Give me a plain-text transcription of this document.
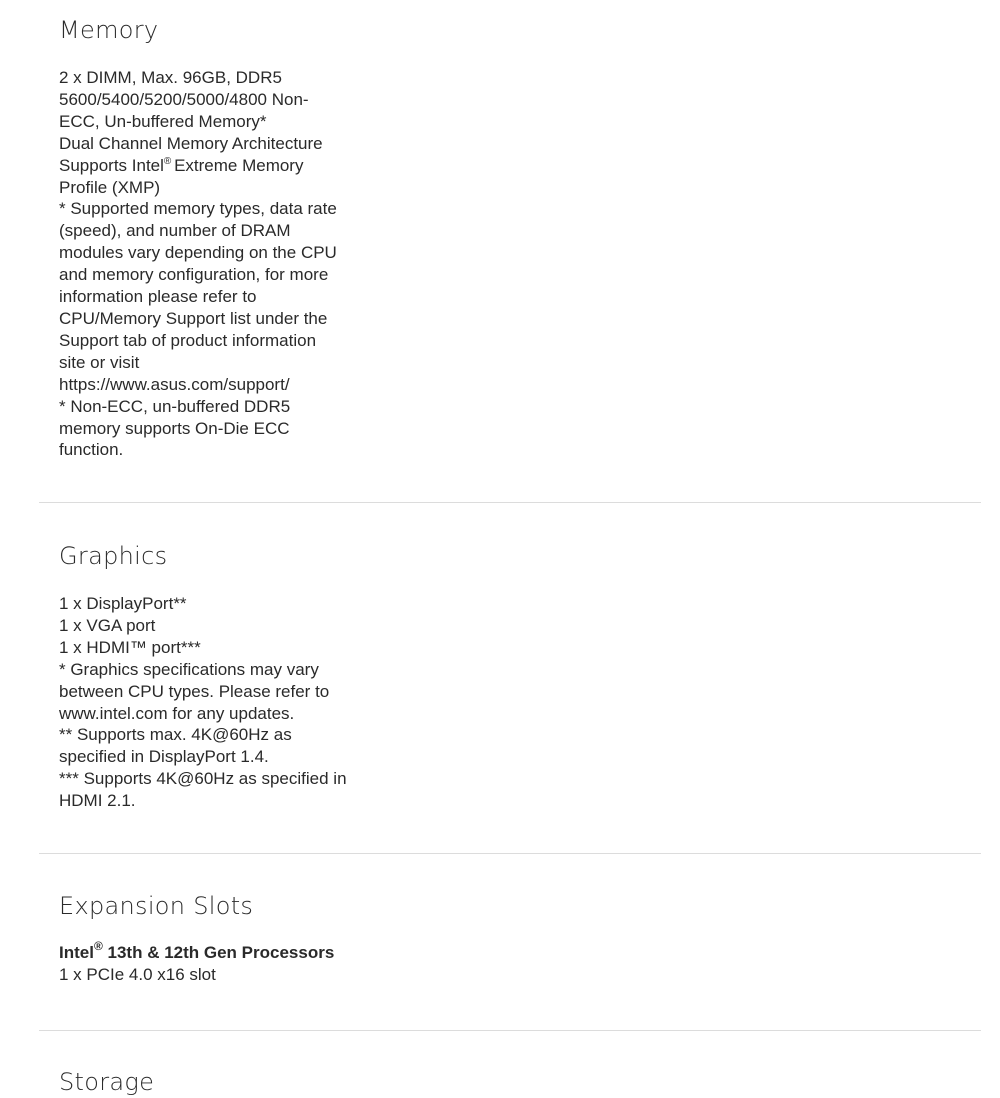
Memory
2 x DIMM, Max. 96GB, DDR5
5600/5400/5200/5000/4800 Non-
ECC, Un-buffered Memory*
Dual Channel Memory Architecture
Supports Intel® Extreme Memory
Profile (XMP)
* Supported memory types, data rate
(speed), and number of DRAM
modules vary depending on the CPU
and memory configuration, for more
information please refer to
CPU/Memory Support list under the
Support tab of product information
site or visit
https://www.asus.com/support/
* Non-ECC, un-buffered DDR5
memory supports On-Die ECC
function.
Graphics
1 x DisplayPort**
1 x VGA port
1 x HDMI™ port***
* Graphics specifications may vary
between CPU types. Please refer to
www.intel.com for any updates.
** Supports max. 4K@60Hz as
specified in DisplayPort 1.4.
*** Supports 4K@60Hz as specified in
HDMI 2.1.
Expansion Slots
Intel® 13th & 12th Gen Processors
1 x PCIe 4.0 x16 slot
Storage
